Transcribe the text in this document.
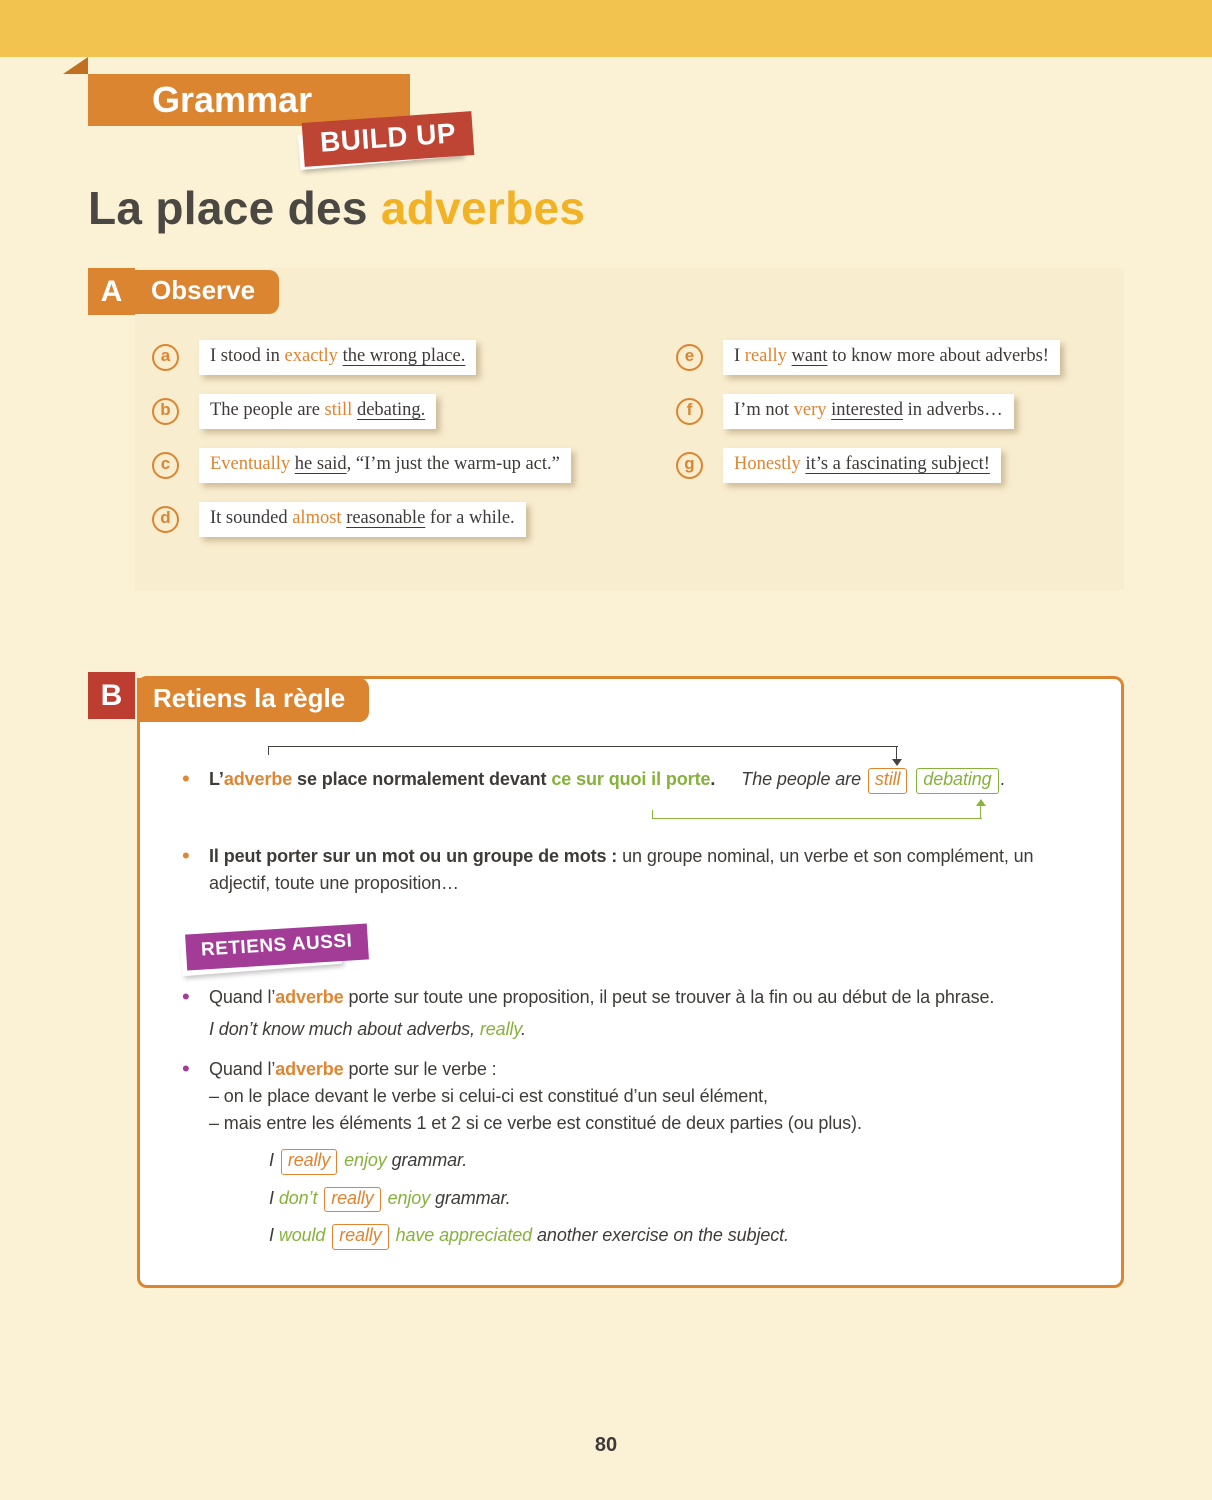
Grammar
BUILD UP
La place des adverbes
A Observe
a	I stood in exactly the wrong place.
b	The people are still debating.
c	Eventually he said, “I’m just the warm-up act.”
d	It sounded almost reasonable for a while.
e	I really want to know more about adverbs!
f	I’m not very interested in adverbs…
g	Honestly it’s a fascinating subject!
B Retiens la règle
•	L’adverbe se place normalement devant ce sur quoi il porte. The people are still debating .
•	Il peut porter sur un mot ou un groupe de mots : un groupe nominal, un verbe et son complément, un adjectif, toute une proposition…
RETIENS AUSSI
•	Quand l’adverbe porte sur toute une proposition, il peut se trouver à la fin ou au début de la phrase.
I don’t know much about adverbs, really.
•	Quand l’adverbe porte sur le verbe :
– on le place devant le verbe si celui-ci est constitué d’un seul élément,
– mais entre les éléments 1 et 2 si ce verbe est constitué de deux parties (ou plus).
I really enjoy grammar.
I don’t really enjoy grammar.
I would really have appreciated another exercise on the subject.
80
